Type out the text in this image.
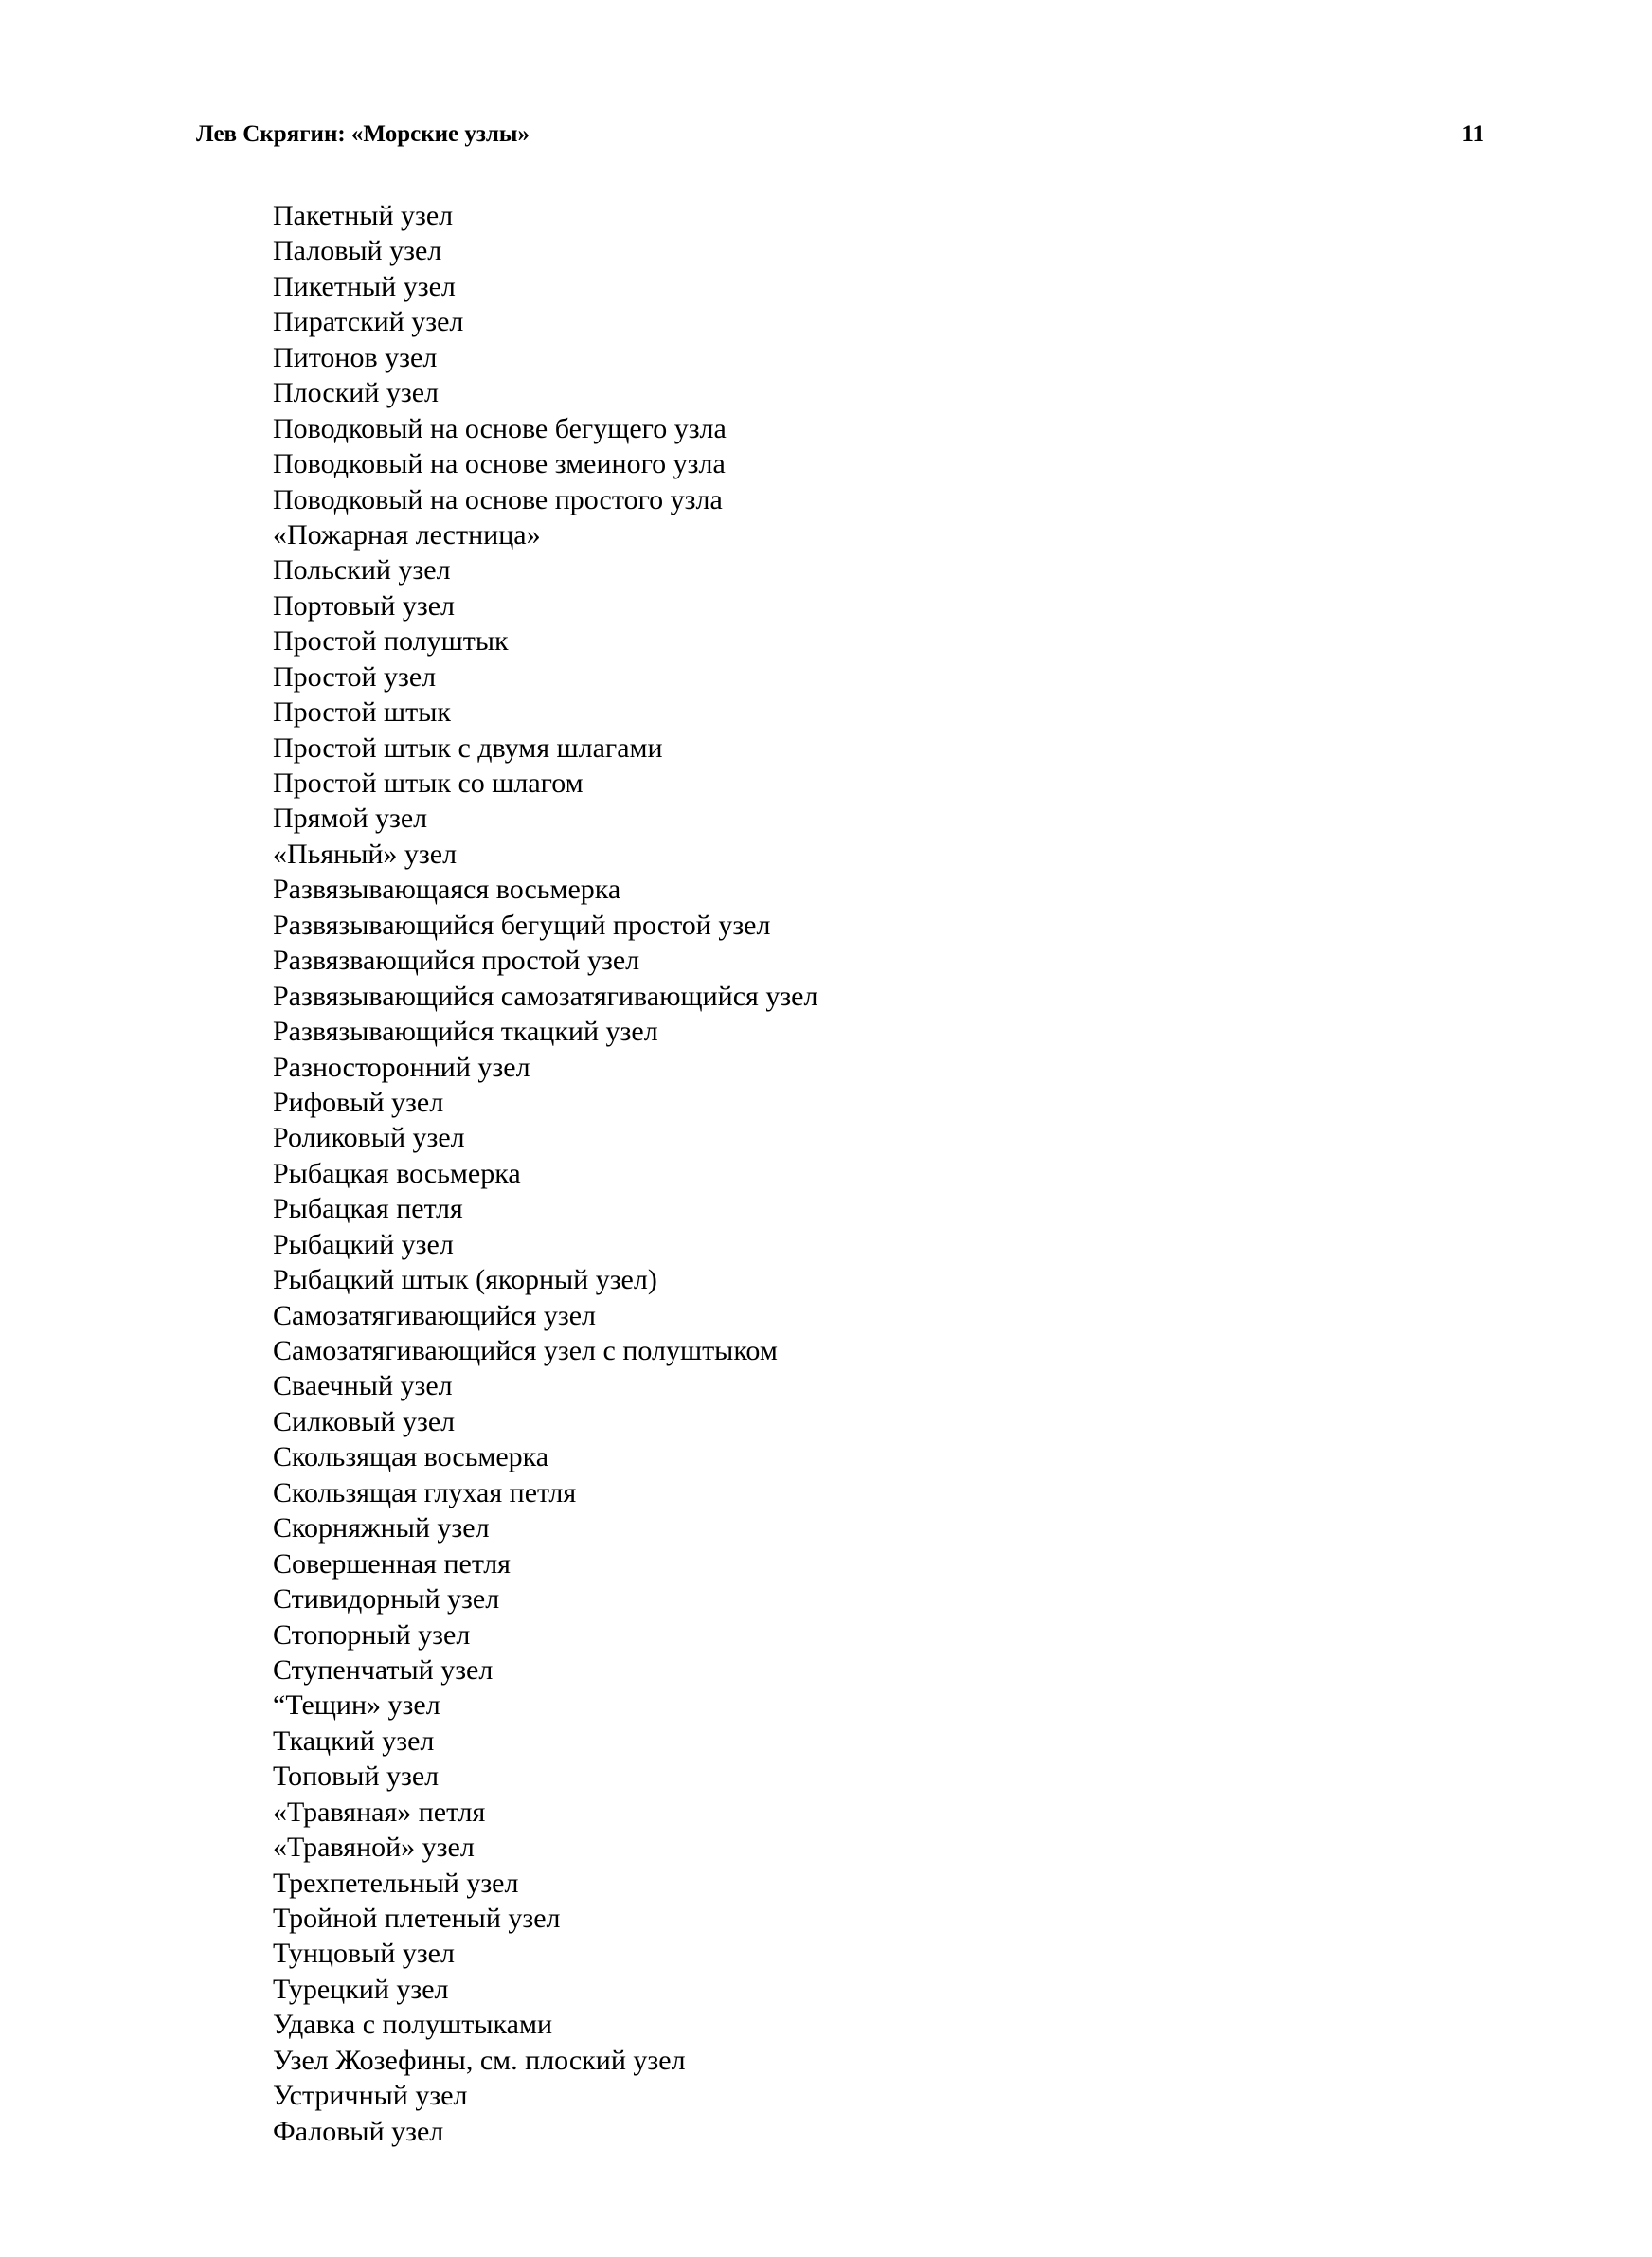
Лев Скрягин: «Морские узлы»	11
Пакетный узел
Паловый узел
Пикетный узел
Пиратский узел
Питонов узел
Плоский узел
Поводковый на основе бегущего узла
Поводковый на основе змеиного узла
Поводковый на основе простого узла
«Пожарная лестница»
Польский узел
Портовый узел
Простой полуштык
Простой узел
Простой штык
Простой штык с двумя шлагами
Простой штык со шлагом
Прямой узел
«Пьяный» узел
Развязывающаяся восьмерка
Развязывающийся бегущий простой узел
Развязвающийся простой узел
Развязывающийся самозатягивающийся узел
Развязывающийся ткацкий узел
Разносторонний узел
Рифовый узел
Роликовый узел
Рыбацкая восьмерка
Рыбацкая петля
Рыбацкий узел
Рыбацкий штык (якорный узел)
Самозатягивающийся узел
Самозатягивающийся узел с полуштыком
Сваечный узел
Силковый узел
Скользящая восьмерка
Скользящая глухая петля
Скорняжный узел
Совершенная петля
Стивидорный узел
Стопорный узел
Ступенчатый узел
“Тещин» узел
Ткацкий узел
Топовый узел
«Травяная» петля
«Травяной» узел
Трехпетельный узел
Тройной плетеный узел
Тунцовый узел
Турецкий узел
Удавка с полуштыками
Узел Жозефины, см. плоский узел
Устричный узел
Фаловый узел
